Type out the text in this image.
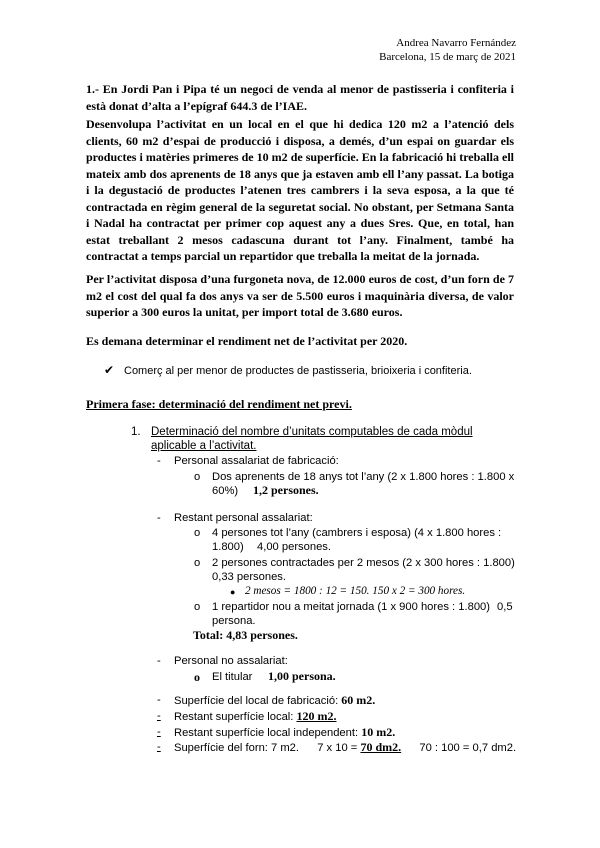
Andrea Navarro Fernández
Barcelona, 15 de març de 2021
1.- En Jordi Pan i Pipa té un negoci de venda al menor de pastisseria i confiteria i està donat d’alta a l’epígraf 644.3 de l’IAE.
Desenvolupa l’activitat en un local en el que hi dedica 120 m2 a l’atenció dels clients, 60 m2 d’espai de producció i disposa, a demés, d’un espai on guardar els productes i matèries primeres de 10 m2 de superfície. En la fabricació hi treballa ell mateix amb dos aprenents de 18 anys que ja estaven amb ell l’any passat. La botiga i la degustació de productes l’atenen tres cambrers i la seva esposa, a la que té contractada en règim general de la seguretat social. No obstant, per Setmana Santa i Nadal ha contractat per primer cop aquest any a dues Sres. Que, en total, han estat treballant 2 mesos cadascuna durant tot l’any. Finalment, també ha contractat a temps parcial un repartidor que treballa la meitat de la jornada.
Per l’activitat disposa d’una furgoneta nova, de 12.000 euros de cost, d’un forn de 7 m2 el cost del qual fa dos anys va ser de 5.500 euros i maquinària diversa, de valor superior a 300 euros la unitat, per import total de 3.680 euros.
Es demana determinar el rendiment net de l’activitat per 2020.
✔ Comerç al per menor de productes de pastisseria, brioixeria i confiteria.
Primera fase: determinació del rendiment net previ.
1. Determinació del nombre d’unitats computables de cada mòdul aplicable a l’activitat.
- Personal assalariat de fabricació:
o Dos aprenents de 18 anys tot l’any (2 x 1.800 hores : 1.800 x
60%) 1,2 persones.
- Restant personal assalariat:
o 4 persones tot l’any (cambrers i esposa) (4 x 1.800 hores :
1.800) 4,00 persones.
o 2 persones contractades per 2 mesos (2 x 300 hores : 1.800)
0,33 persones.
● 2 mesos = 1800 : 12 = 150. 150 x 2 = 300 hores.
o 1 repartidor nou a meitat jornada (1 x 900 hores : 1.800) 0,5
persona.
Total: 4,83 persones.
- Personal no assalariat:
o El titular 1,00 persona.
- Superfície del local de fabricació: 60 m2.
-	Restant superfície local: 120 m2.
-	Restant superfície local independent: 10 m2.
-	Superfície del forn: 7 m2. 7 x 10 = 70 dm2. 70 : 100 = 0,7 dm2.
